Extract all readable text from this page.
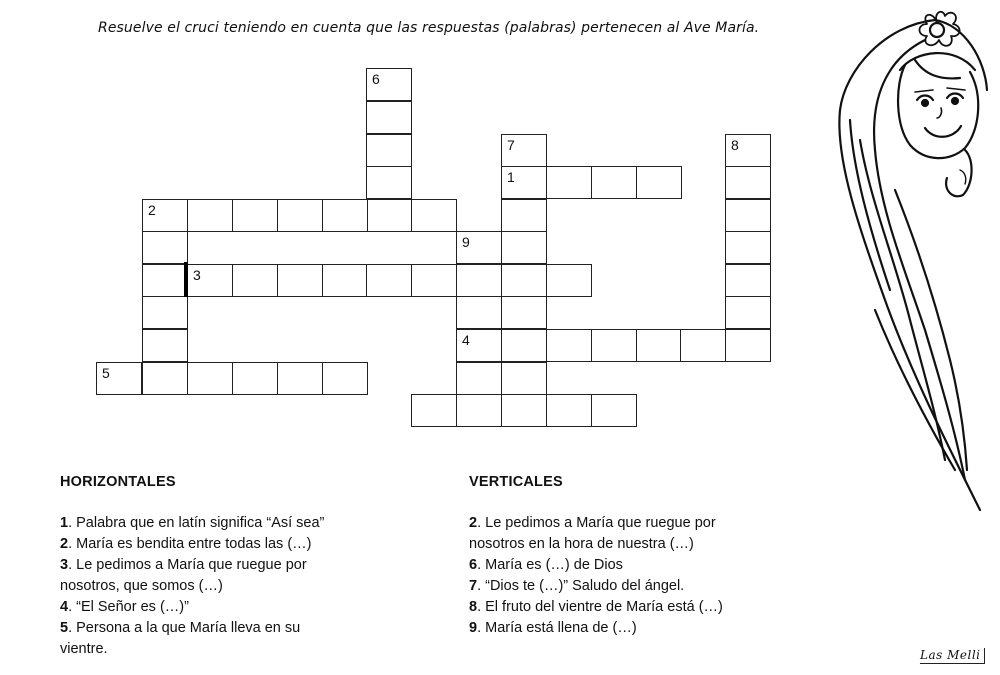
Resuelve el cruci teniendo en cuenta que las respuestas (palabras) pertenecen al Ave María.
6
2
3
5
7
1
8
9
4
HORIZONTALES
1. Palabra que en latín significa “Así sea”
2. María es bendita entre todas las (…)
3. Le pedimos a María que ruegue por
nosotros, que somos (…)
4. “El Señor es (…)”
5. Persona a la que María lleva en su
vientre.
VERTICALES
2. Le pedimos a María que ruegue por
nosotros en la hora de nuestra (…)
6. María es (…) de Dios
7. “Dios te (…)” Saludo del ángel.
8. El fruto del vientre de María está (…)
9. María está llena de (…)
Las Melli
